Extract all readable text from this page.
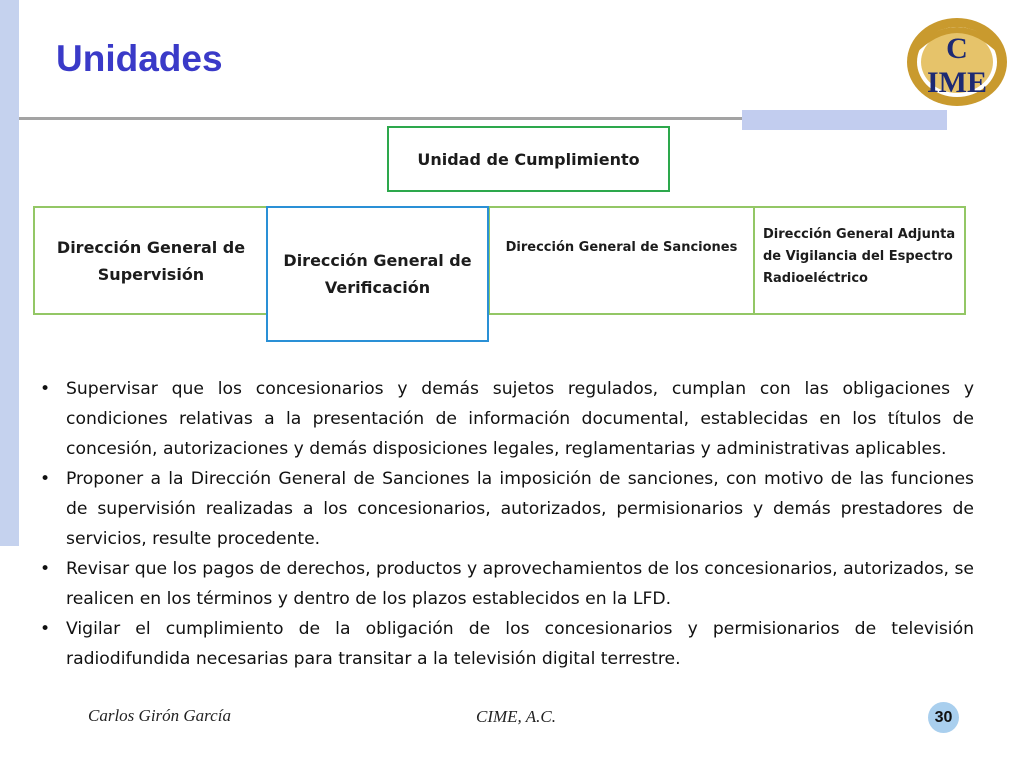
Unidades	C
IME
Unidad de Cumplimiento
Dirección General de Supervisión
Dirección General de Verificación
Dirección General de Sanciones
Dirección General Adjunta de Vigilancia del Espectro Radioeléctrico
• Supervisar que los concesionarios y demás sujetos regulados, cumplan con las obligaciones y condiciones relativas a la presentación de información documental, establecidas en los títulos de concesión, autorizaciones y demás disposiciones legales, reglamentarias y administrativas aplicables.
• Proponer a la Dirección General de Sanciones la imposición de sanciones, con motivo de las funciones de supervisión realizadas a los concesionarios, autorizados, permisionarios y demás prestadores de servicios, resulte procedente.
• Revisar que los pagos de derechos, productos y aprovechamientos de los concesionarios, autorizados, se realicen en los términos y dentro de los plazos establecidos en la LFD.
• Vigilar el cumplimiento de la obligación de los concesionarios y permisionarios de televisión radiodifundida necesarias para transitar a la televisión digital terrestre.
Carlos Girón García	CIME, A.C.	30
